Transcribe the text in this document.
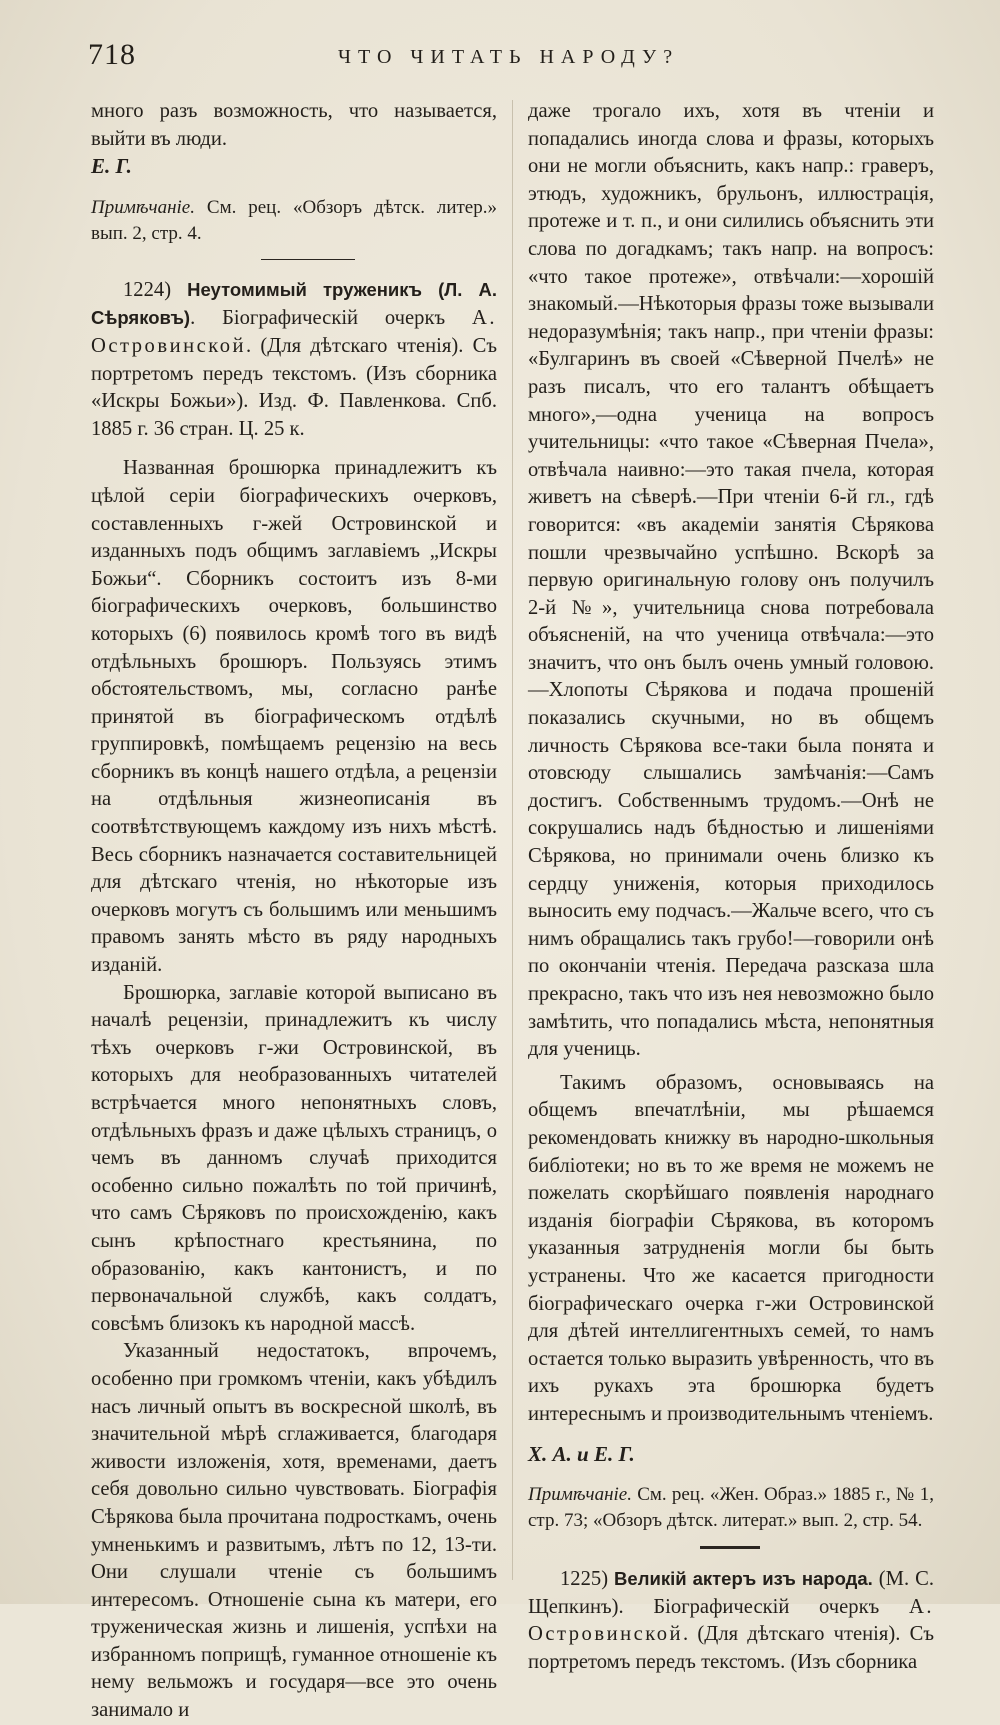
718	ЧТО ЧИТАТЬ НАРОДУ?

много разъ возможность, что называется, выйти въ люди.

Е. Г.

Примѣчаніе. См. рец. «Обзоръ дѣтск. литер.» вып. 2, стр. 4.

1224) Неутомимый труженикъ (Л. А. Сѣряковъ). Біографическій очеркъ А. Островинской. (Для дѣтскаго чтенія). Съ портретомъ передъ текстомъ. (Изъ сборника «Искры Божьи»). Изд. Ф. Павленкова. Спб. 1885 г. 36 стран. Ц. 25 к.

Названная брошюрка принадлежитъ къ цѣлой серіи біографическихъ очерковъ, составленныхъ г-жей Островинской и изданныхъ подъ общимъ заглавіемъ „Искры Божьи“. Сборникъ состоитъ изъ 8-ми біографическихъ очерковъ, большинство которыхъ (6) появилось кромѣ того въ видѣ отдѣльныхъ брошюръ. Пользуясь этимъ обстоятельствомъ, мы, согласно ранѣе принятой въ біографическомъ отдѣлѣ группировкѣ, помѣщаемъ рецензію на весь сборникъ въ концѣ нашего отдѣла, а рецензіи на отдѣльныя жизнеописанія въ соотвѣтствующемъ каждому изъ нихъ мѣстѣ. Весь сборникъ назначается составительницей для дѣтскаго чтенія, но нѣкоторые изъ очерковъ могутъ съ большимъ или меньшимъ правомъ занять мѣсто въ ряду народныхъ изданій.

Брошюрка, заглавіе которой выписано въ началѣ рецензіи, принадлежитъ къ числу тѣхъ очерковъ г-жи Островинской, въ которыхъ для необразованныхъ читателей встрѣчается много непонятныхъ словъ, отдѣльныхъ фразъ и даже цѣлыхъ страницъ, о чемъ въ данномъ случаѣ приходится особенно сильно пожалѣть по той причинѣ, что самъ Сѣряковъ по происхожденію, какъ сынъ крѣпостнаго крестьянина, по образованію, какъ кантонистъ, и по первоначальной службѣ, какъ солдатъ, совсѣмъ близокъ къ народной массѣ.

Указанный недостатокъ, впрочемъ, особенно при громкомъ чтеніи, какъ убѣдилъ насъ личный опытъ въ воскресной школѣ, въ значительной мѣрѣ сглаживается, благодаря живости изложенія, хотя, временами, даетъ себя довольно сильно чувствовать. Біографія Сѣрякова была прочитана подросткамъ, очень умненькимъ и развитымъ, лѣтъ по 12, 13-ти. Они слушали чтеніе съ большимъ интересомъ. Отношеніе сына къ матери, его труженическая жизнь и лишенія, успѣхи на избранномъ поприщѣ, гуманное отношеніе къ нему вельможъ и государя—все это очень занимало и

даже трогало ихъ, хотя въ чтеніи и попадались иногда слова и фразы, которыхъ они не могли объяснить, какъ напр.: граверъ, этюдъ, художникъ, брульонъ, иллюстрація, протеже и т. п., и они силились объяснить эти слова по догадкамъ; такъ напр. на вопросъ: «что такое протеже», отвѣчали:—хорошій знакомый.—Нѣкоторыя фразы тоже вызывали недоразумѣнія; такъ напр., при чтеніи фразы: «Булгаринъ въ своей «Сѣверной Пчелѣ» не разъ писалъ, что его талантъ обѣщаетъ много»,—одна ученица на вопросъ учительницы: «что такое «Сѣверная Пчела», отвѣчала наивно:—это такая пчела, которая живетъ на сѣверѣ.—При чтеніи 6-й гл., гдѣ говорится: «въ академіи занятія Сѣрякова пошли чрезвычайно успѣшно. Вскорѣ за первую оригинальную голову онъ получилъ 2-й №», учительница снова потребовала объясненій, на что ученица отвѣчала:—это значитъ, что онъ былъ очень умный головою.—Хлопоты Сѣрякова и подача прошеній показались скучными, но въ общемъ личность Сѣрякова все-таки была понята и отовсюду слышались замѣчанія:—Самъ достигъ. Собственнымъ трудомъ.—Онѣ не сокрушались надъ бѣдностью и лишеніями Сѣрякова, но принимали очень близко къ сердцу униженія, которыя приходилось выносить ему подчасъ.—Жальче всего, что съ нимъ обращались такъ грубо!—говорили онѣ по окончаніи чтенія. Передача разсказа шла прекрасно, такъ что изъ нея невозможно было замѣтить, что попадались мѣста, непонятныя для учениць.

Такимъ образомъ, основываясь на общемъ впечатлѣніи, мы рѣшаемся рекомендовать книжку въ народно-школьныя библіотеки; но въ то же время не можемъ не пожелать скорѣйшаго появленія народнаго изданія біографіи Сѣрякова, въ которомъ указанныя затрудненія могли бы быть устранены. Что же касается пригодности біографическаго очерка г-жи Островинской для дѣтей интеллигентныхъ семей, то намъ остается только выразить увѣренность, что въ ихъ рукахъ эта брошюрка будетъ интереснымъ и производительнымъ чтеніемъ.

Х. А. и Е. Г.

Примѣчаніе. См. рец. «Жен. Образ.» 1885 г., № 1, стр. 73; «Обзоръ дѣтск. литерат.» вып. 2, стр. 54.

1225) Великій актеръ изъ народа. (М. С. Щепкинъ). Біографическій очеркъ А. Островинской. (Для дѣтскаго чтенія). Съ портретомъ передъ текстомъ. (Изъ сборника
